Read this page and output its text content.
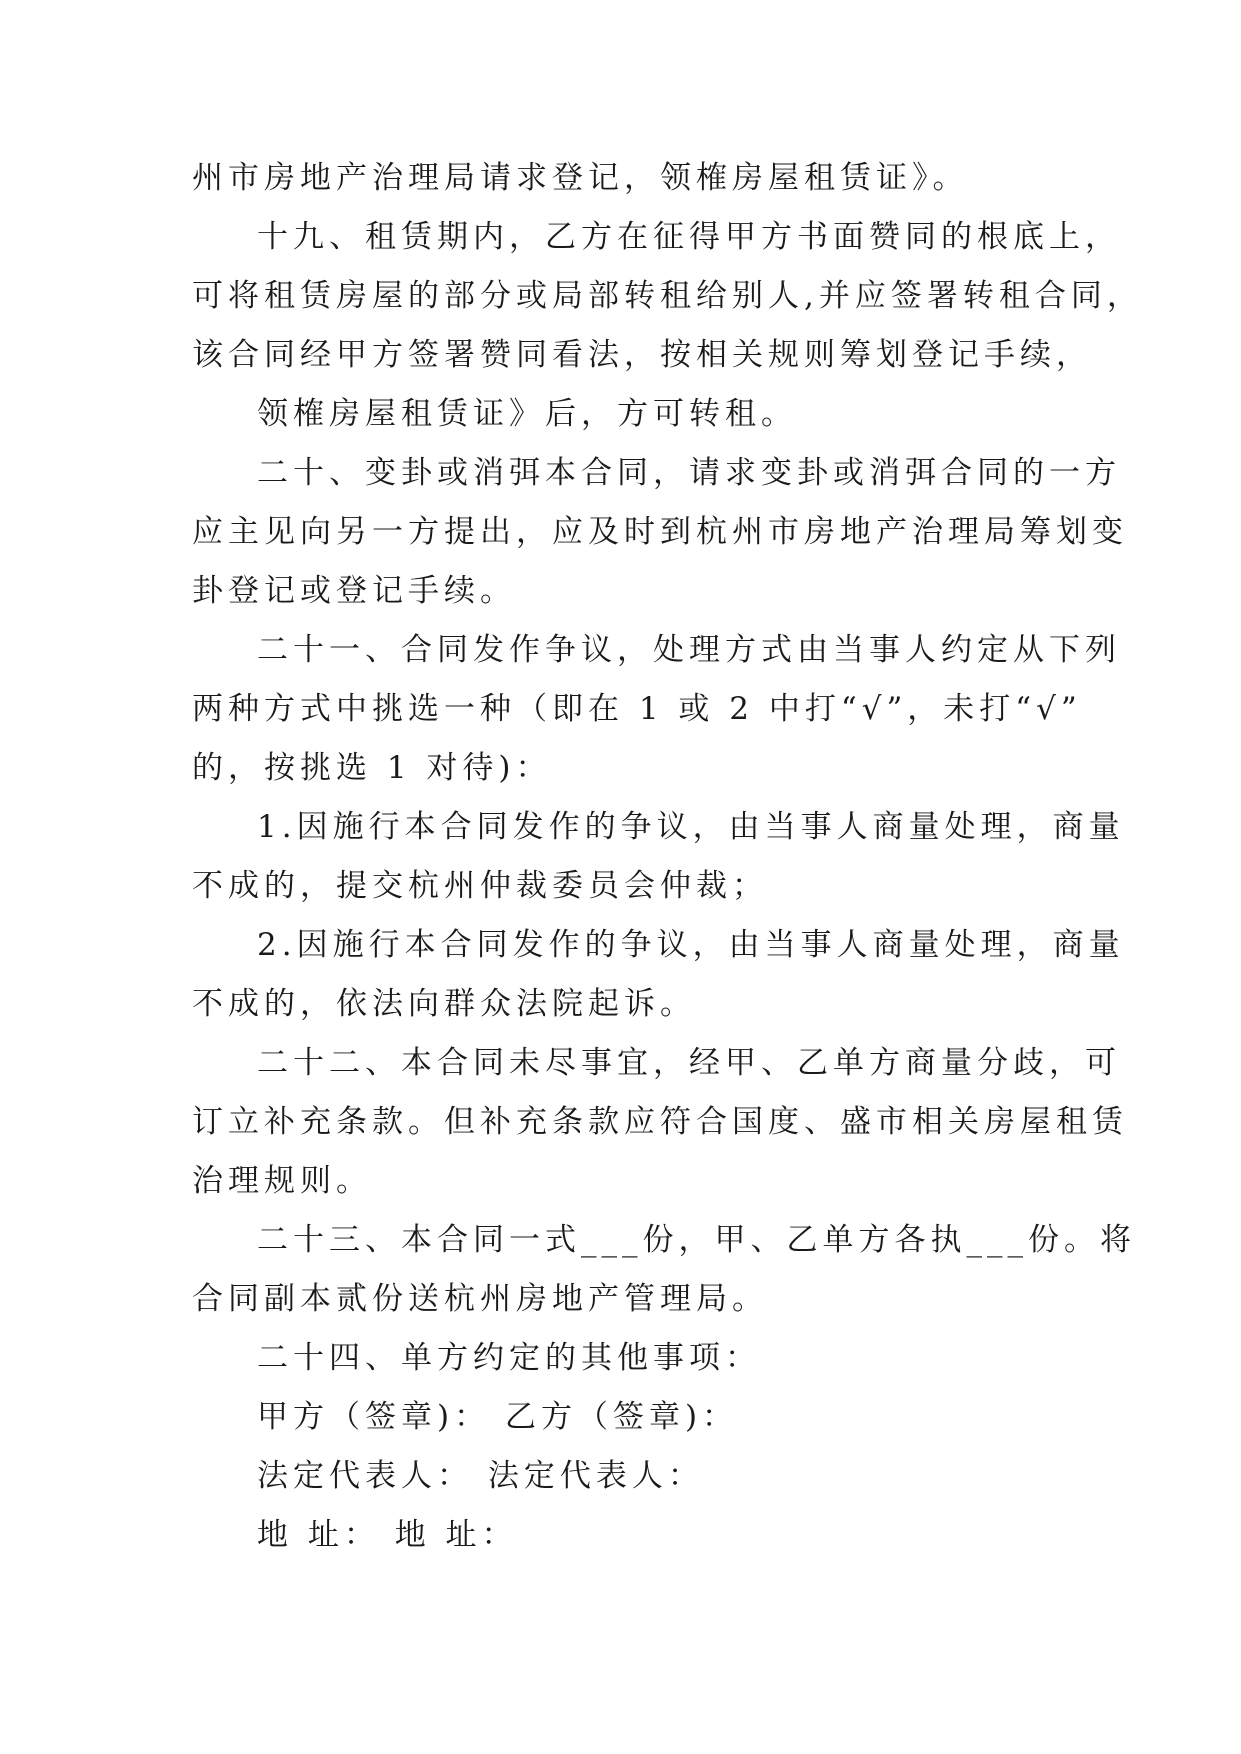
州市房地产治理局请求登记，领榷房屋租赁证》。
十九、租赁期内，乙方在征得甲方书面赞同的根底上，
可将租赁房屋的部分或局部转租给别人,并应签署转租合同，
该合同经甲方签署赞同看法，按相关规则筹划登记手续，
领榷房屋租赁证》后，方可转租。
二十、变卦或消弭本合同，请求变卦或消弭合同的一方
应主见向另一方提出，应及时到杭州市房地产治理局筹划变
卦登记或登记手续。
二十一、合同发作争议，处理方式由当事人约定从下列
两种方式中挑选一种（即在 1 或 2 中打“√”，未打“√”
的，按挑选 1 对待)：
1.因施行本合同发作的争议，由当事人商量处理，商量
不成的，提交杭州仲裁委员会仲裁；
2.因施行本合同发作的争议，由当事人商量处理，商量
不成的，依法向群众法院起诉。
二十二、本合同未尽事宜，经甲、乙单方商量分歧，可
订立补充条款。但补充条款应符合国度、盛市相关房屋租赁
治理规则。
二十三、本合同一式___份，甲、乙单方各执___份。将
合同副本贰份送杭州房地产管理局。
二十四、单方约定的其他事项：
甲方（签章)： 乙方（签章)：
法定代表人： 法定代表人：
地 址： 地 址：
